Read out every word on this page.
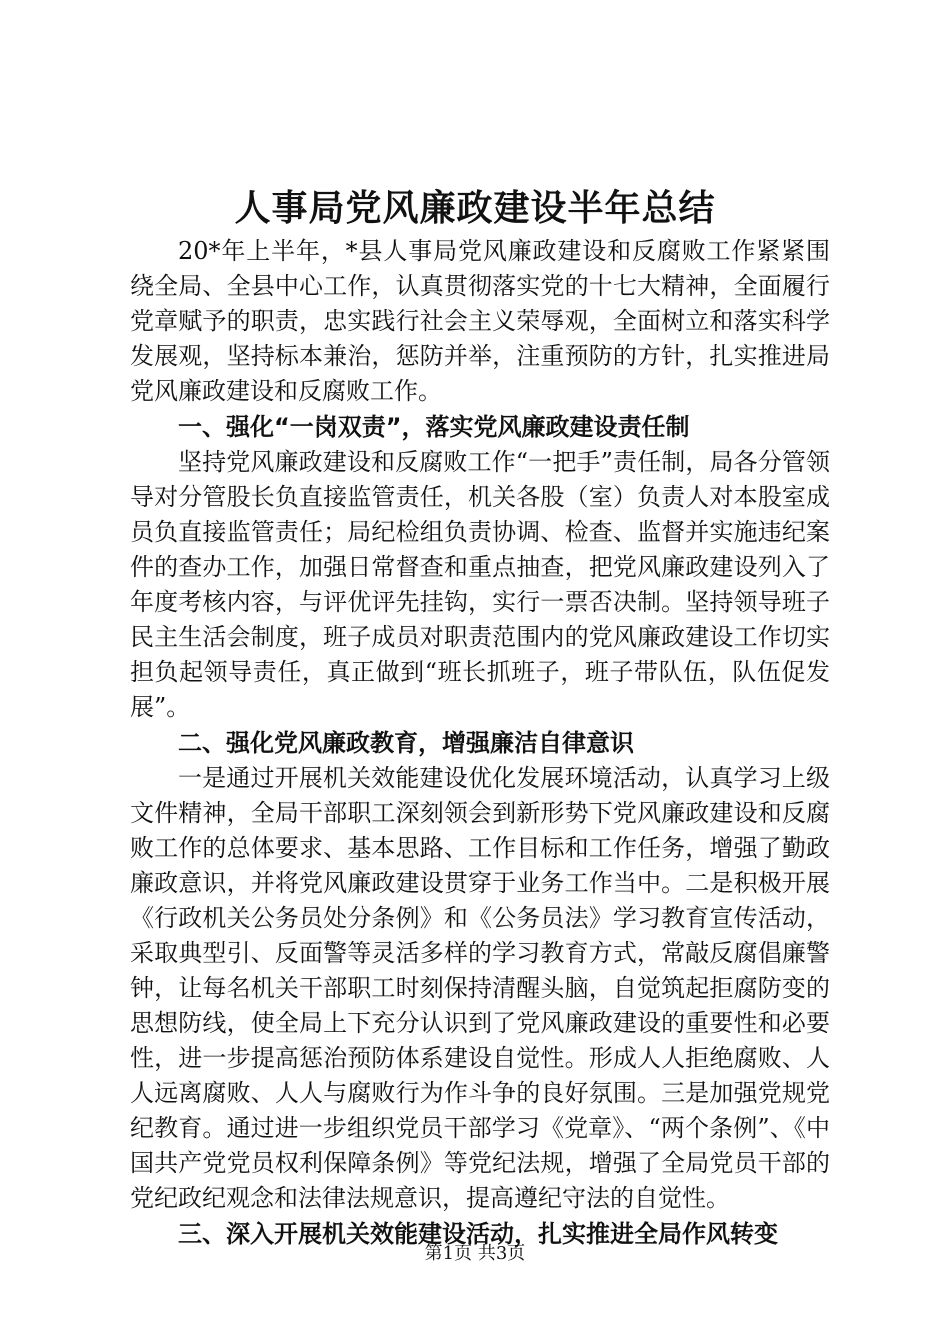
人事局党风廉政建设半年总结

20*年上半年，*县人事局党风廉政建设和反腐败工作紧紧围绕全局、全县中心工作，认真贯彻落实党的十七大精神，全面履行党章赋予的职责，忠实践行社会主义荣辱观，全面树立和落实科学发展观，坚持标本兼治，惩防并举，注重预防的方针，扎实推进局党风廉政建设和反腐败工作。

一、强化“一岗双责”，落实党风廉政建设责任制

坚持党风廉政建设和反腐败工作“一把手”责任制，局各分管领导对分管股长负直接监管责任，机关各股（室）负责人对本股室成员负直接监管责任；局纪检组负责协调、检查、监督并实施违纪案件的查办工作，加强日常督查和重点抽查，把党风廉政建设列入了年度考核内容，与评优评先挂钩，实行一票否决制。坚持领导班子民主生活会制度，班子成员对职责范围内的党风廉政建设工作切实担负起领导责任，真正做到“班长抓班子，班子带队伍，队伍促发展”。

二、强化党风廉政教育，增强廉洁自律意识

一是通过开展机关效能建设优化发展环境活动，认真学习上级文件精神，全局干部职工深刻领会到新形势下党风廉政建设和反腐败工作的总体要求、基本思路、工作目标和工作任务，增强了勤政廉政意识，并将党风廉政建设贯穿于业务工作当中。二是积极开展《行政机关公务员处分条例》和《公务员法》学习教育宣传活动，采取典型引、反面警等灵活多样的学习教育方式，常敲反腐倡廉警钟，让每名机关干部职工时刻保持清醒头脑，自觉筑起拒腐防变的思想防线，使全局上下充分认识到了党风廉政建设的重要性和必要性，进一步提高惩治预防体系建设自觉性。形成人人拒绝腐败、人人远离腐败、人人与腐败行为作斗争的良好氛围。三是加强党规党纪教育。通过进一步组织党员干部学习《党章》、“两个条例”、《中国共产党党员权利保障条例》等党纪法规，增强了全局党员干部的党纪政纪观念和法律法规意识，提高遵纪守法的自觉性。

三、深入开展机关效能建设活动，扎实推进全局作风转变
第1页 共3页
